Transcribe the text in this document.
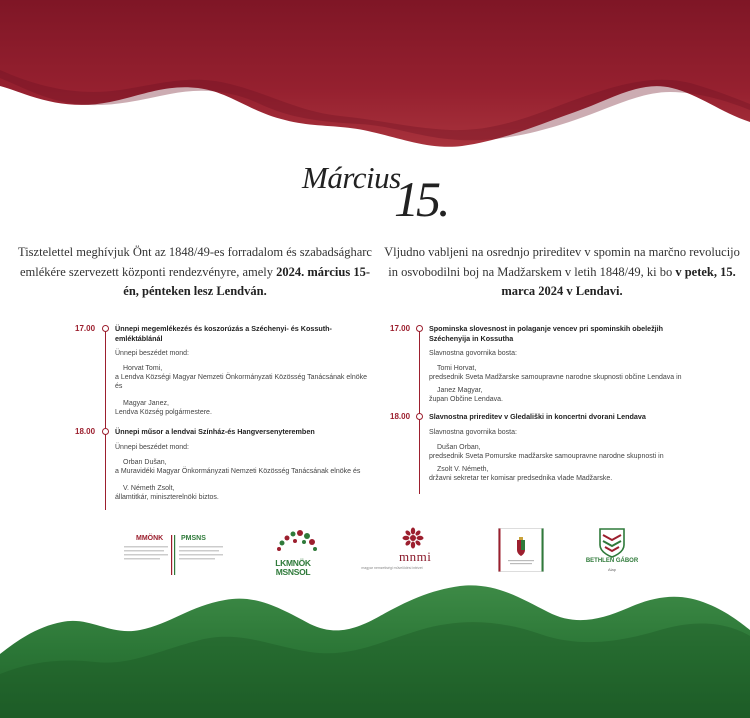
Március
15.

Tisztelettel meghívjuk Önt az 1848/49-es forradalom és szabadságharc emlékére szervezett központi rendezvényre, amely 2024. március 15-én, pénteken lesz Lendván.

17.00	Ünnepi megemlékezés és koszorúzás a Széchenyi- és Kossuth-emléktáblánál
Ünnepi beszédet mond:
Horvat Tomi,
a Lendva Községi Magyar Nemzeti Önkormányzati Közösség Tanácsának elnöke és
Magyar Janez,
Lendva Község polgármestere.
18.00	Ünnepi műsor a lendvai Színház-és Hangversenyteremben
Ünnepi beszédet mond:
Orban Dušan,
a Muravidéki Magyar Önkormányzati Nemzeti Közösség Tanácsának elnöke és
V. Németh Zsolt,
államtitkár, miniszterelnöki biztos.

Vljudno vabljeni na osrednjo prireditev v spomin na marčno revolucijo in osvobodilni boj na Madžarskem v letih 1848/49, ki bo v petek, 15. marca 2024 v Lendavi.

17.00	Spominska slovesnost in polaganje vencev pri spominskih obeležjih Széchenyija in Kossutha
Slavnostna govornika bosta:
Tomi Horvat,
predsednik Sveta Madžarske samoupravne narodne skupnosti občine Lendava in
Janez Magyar,
župan Občine Lendava.
18.00	Slavnostna prireditev v Gledališki in koncertni dvorani Lendava
Slavnostna govornika bosta:
Dušan Orban,
predsednik Sveta Pomurske madžarske samoupravne narodne skupnosti in
Zsolt V. Németh,
državni sekretar ter komisar predsednika vlade Madžarske.
MMÖNK	PMSNS
LKMNÖK MSNSOL
mnmi
magyar nemzetiségi művelődési intézet
BETHLEN GÁBOR
Alap
